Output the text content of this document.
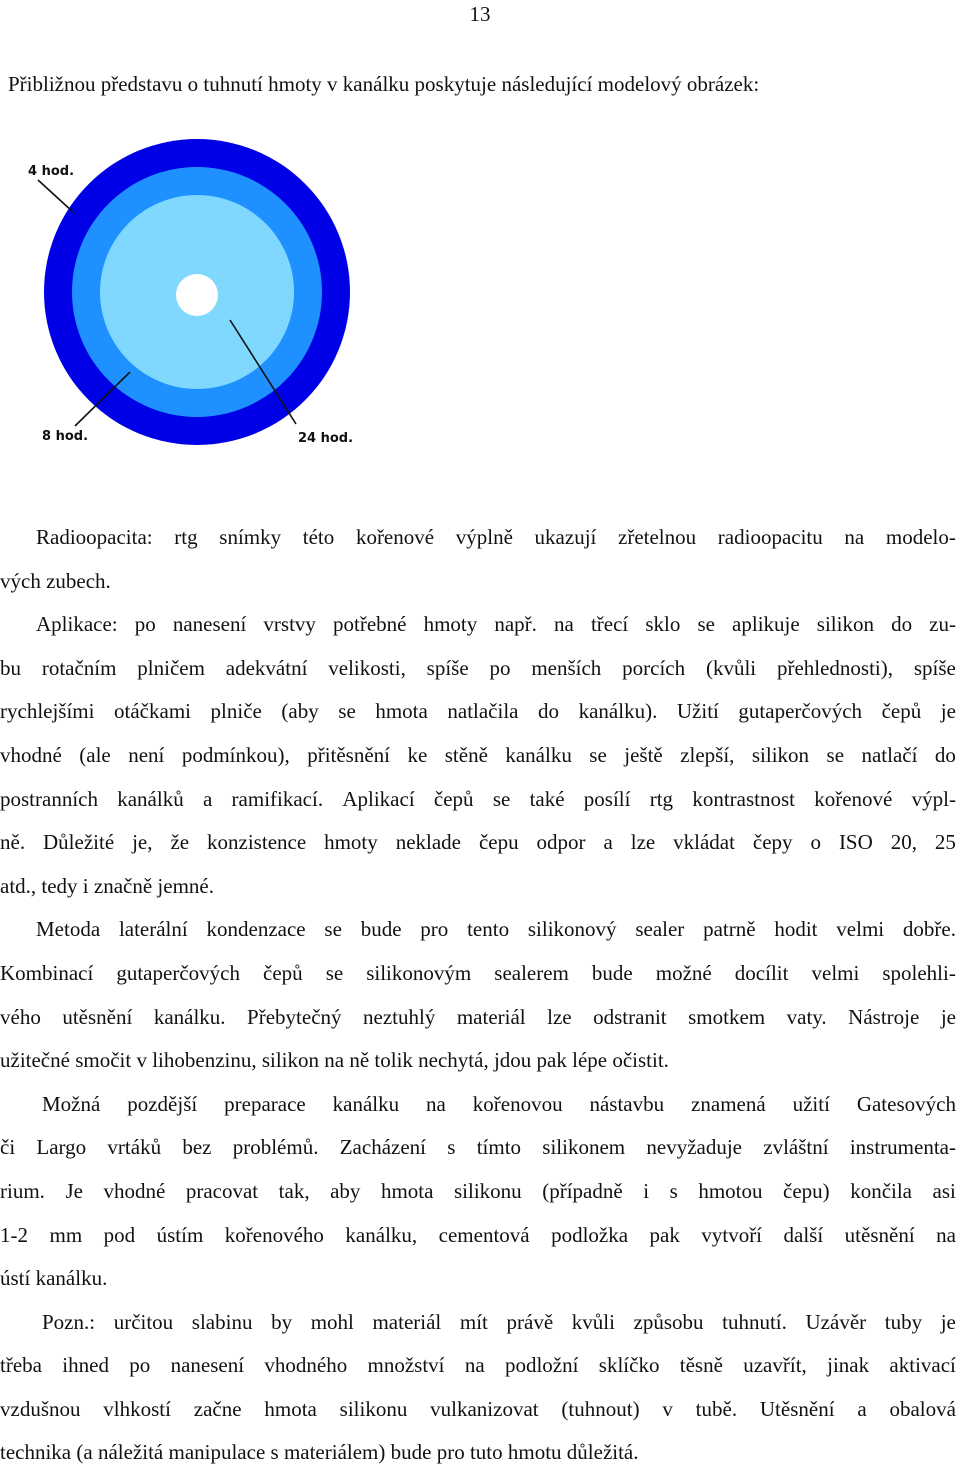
13
Přibližnou představu o tuhnutí hmoty v kanálku poskytuje následující modelový obrázek:
4 hod.
8 hod.	24 hod.
Radioopacita: rtg snímky této kořenové výplně ukazují zřetelnou radioopacitu na modelo-
vých zubech.
Aplikace: po nanesení vrstvy potřebné hmoty např. na třecí sklo se aplikuje silikon do zu-
bu rotačním plničem adekvátní velikosti, spíše po menších porcích (kvůli přehlednosti), spíše
rychlejšími otáčkami plniče (aby se hmota natlačila do kanálku). Užití gutaperčových čepů je
vhodné (ale není podmínkou), přitěsnění ke stěně kanálku se ještě zlepší, silikon se natlačí do
postranních kanálků a ramifikací. Aplikací čepů se také posílí rtg kontrastnost kořenové výpl-
ně. Důležité je, že konzistence hmoty neklade čepu odpor a lze vkládat čepy o ISO 20, 25
atd., tedy i značně jemné.
Metoda laterální kondenzace se bude pro tento silikonový sealer patrně hodit velmi dobře.
Kombinací gutaperčových čepů se silikonovým sealerem bude možné docílit velmi spolehli-
vého utěsnění kanálku. Přebytečný neztuhlý materiál lze odstranit smotkem vaty. Nástroje je
užitečné smočit v lihobenzinu, silikon na ně tolik nechytá, jdou pak lépe očistit.
Možná pozdější preparace kanálku na kořenovou nástavbu znamená užití Gatesových
či Largo vrtáků bez problémů. Zacházení s tímto silikonem nevyžaduje zvláštní instrumenta-
rium. Je vhodné pracovat tak, aby hmota silikonu (případně i s hmotou čepu) končila asi
1-2 mm pod ústím kořenového kanálku, cementová podložka pak vytvoří další utěsnění na
ústí kanálku.
Pozn.: určitou slabinu by mohl materiál mít právě kvůli způsobu tuhnutí. Uzávěr tuby je
třeba ihned po nanesení vhodného množství na podložní sklíčko těsně uzavřít, jinak aktivací
vzdušnou vlhkostí začne hmota silikonu vulkanizovat (tuhnout) v tubě. Utěsnění a obalová
technika (a náležitá manipulace s materiálem) bude pro tuto hmotu důležitá.
